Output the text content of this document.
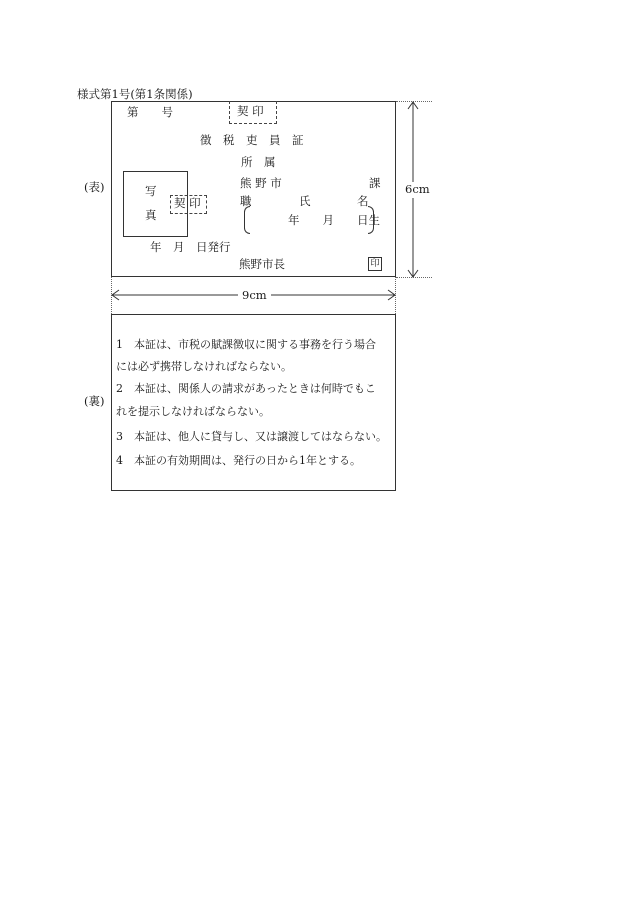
様式第1号(第1条関係)
(表)
第　　号	契 印
徴　税　吏　員　証
所　属
熊 野 市	課
職	氏	名
年　　月　　日生
写
真
契 印
年　月　日発行
熊野市長	印
6cm
9cm
(裏)
1　本証は、市税の賦課徴収に関する事務を行う場合
には必ず携帯しなければならない。
2　本証は、関係人の請求があったときは何時でもこ
れを提示しなければならない。
3　本証は、他人に貸与し、又は譲渡してはならない。
4　本証の有効期間は、発行の日から1年とする。
